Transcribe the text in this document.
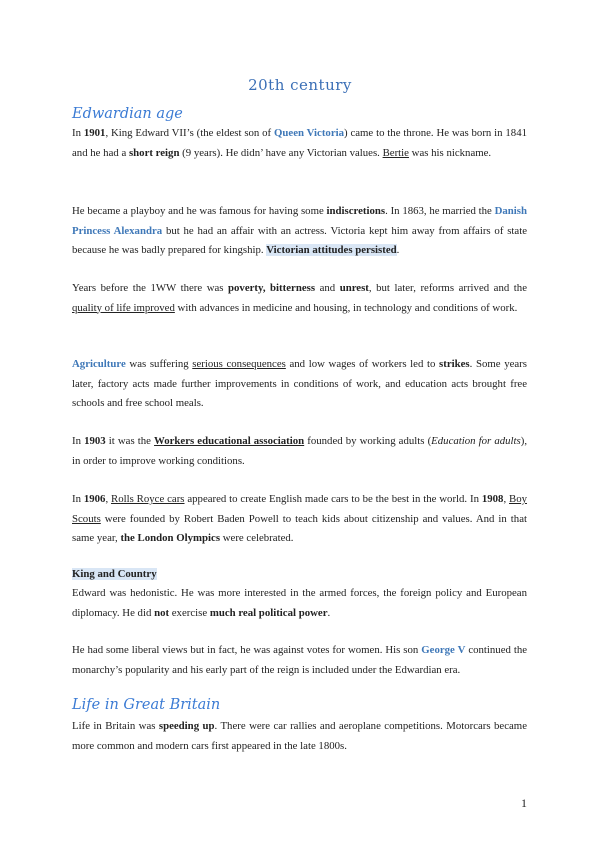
20th century
Edwardian age

In 1901, King Edward VII’s (the eldest son of Queen Victoria) came to the throne. He was born in 1841 and he had a short reign (9 years). He didn’ have any Victorian values. Bertie was his nickname.

He became a playboy and he was famous for having some indiscretions. In 1863, he married the Danish Princess Alexandra but he had an affair with an actress. Victoria kept him away from affairs of state because he was badly prepared for kingship. Victorian attitudes persisted.

Years before the 1WW there was poverty, bitterness and unrest, but later, reforms arrived and the quality of life improved with advances in medicine and housing, in technology and conditions of work.

Agriculture was suffering serious consequences and low wages of workers led to strikes. Some years later, factory acts made further improvements in conditions of work, and education acts brought free schools and free school meals.

In 1903 it was the Workers educational association founded by working adults (Education for adults), in order to improve working conditions.

In 1906, Rolls Royce cars appeared to create English made cars to be the best in the world. In 1908, Boy Scouts were founded by Robert Baden Powell to teach kids about citizenship and values. And in that same year, the London Olympics were celebrated.

King and Country

Edward was hedonistic. He was more interested in the armed forces, the foreign policy and European diplomacy. He did not exercise much real political power.

He had some liberal views but in fact, he was against votes for women. His son George V continued the monarchy’s popularity and his early part of the reign is included under the Edwardian era.

Life in Great Britain

Life in Britain was speeding up. There were car rallies and aeroplane competitions. Motorcars became more common and modern cars first appeared in the late 1800s.

1
